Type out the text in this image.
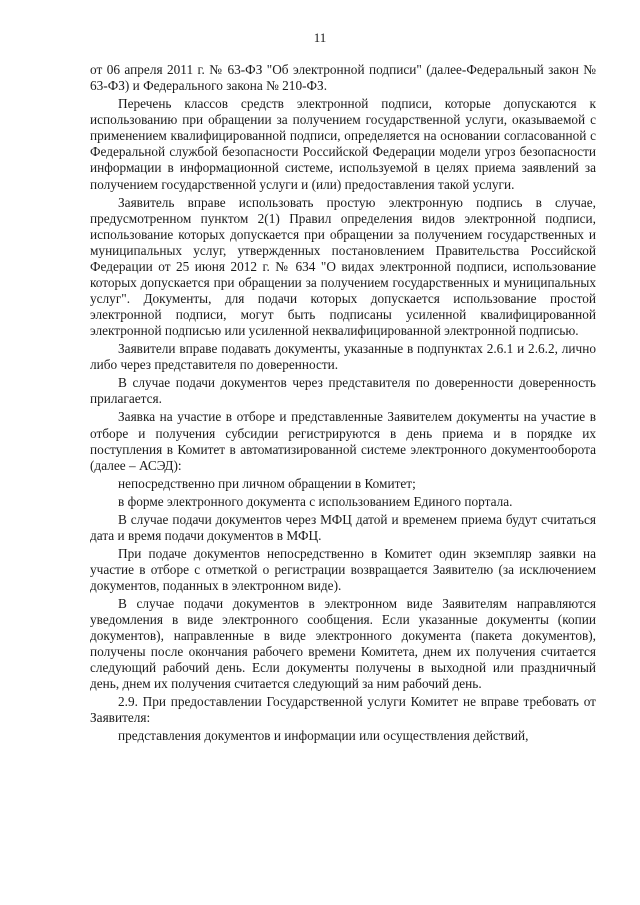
11

от 06 апреля 2011 г. № 63-ФЗ "Об электронной подписи" (далее-Федеральный закон № 63-ФЗ) и Федерального закона № 210-ФЗ.

Перечень классов средств электронной подписи, которые допускаются к использованию при обращении за получением государственной услуги, оказываемой с применением квалифицированной подписи, определяется на основании согласованной с Федеральной службой безопасности Российской Федерации модели угроз безопасности информации в информационной системе, используемой в целях приема заявлений за получением государственной услуги и (или) предоставления такой услуги.

Заявитель вправе использовать простую электронную подпись в случае, предусмотренном пунктом 2(1) Правил определения видов электронной подписи, использование которых допускается при обращении за получением государственных и муниципальных услуг, утвержденных постановлением Правительства Российской Федерации от 25 июня 2012 г. № 634 "О видах электронной подписи, использование которых допускается при обращении за получением государственных и муниципальных услуг". Документы, для подачи которых допускается использование простой электронной подписи, могут быть подписаны усиленной квалифицированной электронной подписью или усиленной неквалифицированной электронной подписью.

Заявители вправе подавать документы, указанные в подпунктах 2.6.1 и 2.6.2, лично либо через представителя по доверенности.

В случае подачи документов через представителя по доверенности доверенность прилагается.

Заявка на участие в отборе и представленные Заявителем документы на участие в отборе и получения субсидии регистрируются в день приема и в порядке их поступления в Комитет в автоматизированной системе электронного документооборота (далее – АСЭД):

непосредственно при личном обращении в Комитет;

в форме электронного документа с использованием Единого портала.

В случае подачи документов через МФЦ датой и временем приема будут считаться дата и время подачи документов в МФЦ.

При подаче документов непосредственно в Комитет один экземпляр заявки на участие в отборе с отметкой о регистрации возвращается Заявителю (за исключением документов, поданных в электронном виде).

В случае подачи документов в электронном виде Заявителям направляются уведомления в виде электронного сообщения. Если указанные документы (копии документов), направленные в виде электронного документа (пакета документов), получены после окончания рабочего времени Комитета, днем их получения считается следующий рабочий день. Если документы получены в выходной или праздничный день, днем их получения считается следующий за ним рабочий день.

2.9. При предоставлении Государственной услуги Комитет не вправе требовать от Заявителя:

представления документов и информации или осуществления действий,
